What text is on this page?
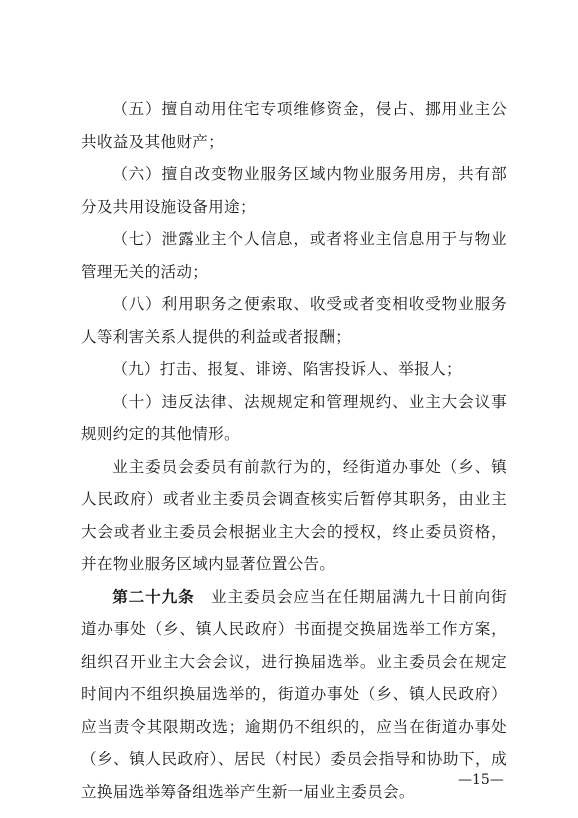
（五）擅自动用住宅专项维修资金，侵占、挪用业主公共收益及其他财产；

（六）擅自改变物业服务区域内物业服务用房，共有部分及共用设施设备用途；

（七）泄露业主个人信息，或者将业主信息用于与物业管理无关的活动；

（八）利用职务之便索取、收受或者变相收受物业服务人等利害关系人提供的利益或者报酬；

（九）打击、报复、诽谤、陷害投诉人、举报人；

（十）违反法律、法规规定和管理规约、业主大会议事规则约定的其他情形。

业主委员会委员有前款行为的，经街道办事处（乡、镇人民政府）或者业主委员会调查核实后暂停其职务，由业主大会或者业主委员会根据业主大会的授权，终止委员资格，并在物业服务区域内显著位置公告。

第二十九条　 业主委员会应当在任期届满九十日前向街道办事处（乡、镇人民政府）书面提交换届选举工作方案，组织召开业主大会会议，进行换届选举。业主委员会在规定时间内不组织换届选举的，街道办事处（乡、镇人民政府）应当责令其限期改选；逾期仍不组织的，应当在街道办事处（乡、镇人民政府）、居民（村民）委员会指导和协助下，成立换届选举筹备组选举产生新一届业主委员会。

—15—
